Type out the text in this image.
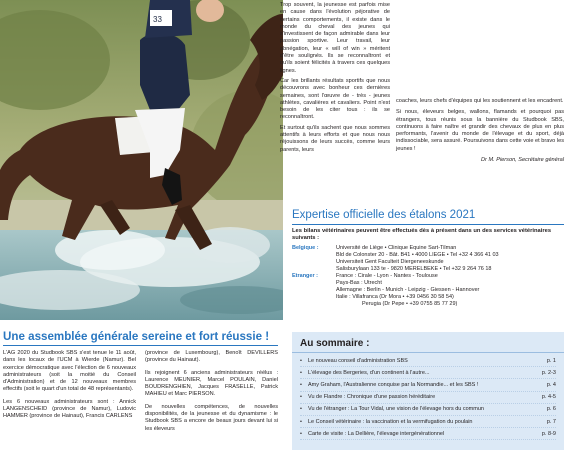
33

Trop souvent, la jeunesse est parfois mise en cause dans l'évolution péjorative de certains comportements, il existe dans le monde du cheval des jeunes qui s'investissent de façon admirable dans leur passion sportive. Leur travail, leur abnégation, leur « will of win » méritent d'être soulignés. Ils se reconnaîtront et qu'ils soient félicités à travers ces quelques lignes.

Car les brillants résultats sportifs que nous découvrons avec bonheur ces dernières semaines, sont l'œuvre de - très - jeunes athlètes, cavalières et cavaliers. Point n'est besoin de les citer tous : ils se reconnaîtront.

Et surtout qu'ils sachent que nous sommes attentifs à leurs efforts et que nous nous réjouissons de leurs succès, comme leurs parents, leurs

coaches, leurs chefs d'équipes qui les soutiennent et les encadrent.

Si nous, éleveurs belges, wallons, flamands et pourquoi pas étrangers, tous réunis sous la bannière du Studbook SBS, continuons à faire naître et grandir des chevaux de plus en plus performants, l'avenir du monde de l'élevage et du sport, déjà indissociable, sera assuré. Poursuivons dans cette voie et bravo les jeunes !

Dr M. Pierson, Secrétaire général

Expertise officielle des étalons 2021

Les bilans vétérinaires peuvent être effectués dès à présent dans un des services vétérinaires suivants :

Belgique :	Université de Liège • Clinique Equine Sart-Tilman
Bld de Colonster 20 - Bât. B41 • 4000 LIEGE • Tel +32 4 366 41 03
Universiteit Gent Faculteit Diergeneeskunde
Salisburylaan 133 te - 9820 MERELBEKE • Tel +32 9 264 76 18
Etranger :	France : Cirale - Lyon - Nantes - Toulouse
Pays-Bas : Utrecht
Allemagne : Berlin - Munich - Leipzig - Giessen - Hannover
Italie : Villafranca (Dr Mora • +39 0456 30 58 54)
Perugia (Dr Pepe • +39 0755 85 77 29)
Une assemblée générale sereine et fort réussie !

L'AG 2020 du Studbook SBS s'est tenue le 11 août, dans les locaux de l'UCM à Wierde (Namur). Bel exercice démocratique avec l'élection de 6 nouveaux administrateurs (soit la moitié du Conseil d'Administration) et de 12 nouveaux membres effectifs (soit le quart d'un total de 48 représentants).

Les 6 nouveaux administrateurs sont : Annick LANGENSCHEID (province de Namur), Ludovic HAMMER (province de Hainaut), Francis CARLENS

(province de Luxembourg), Benoît DEVILLERS (province du Hainaut).

Ils rejoignent 6 anciens administrateurs réélus : Laurence MEUNIER, Marcel POULAIN, Daniel BOUDRENGHIEN, Jacques FRASELLE, Patrick MAHIEU et Marc PIERSON.

De nouvelles compétences, de nouvelles disponibilités, de la jeunesse et du dynamisme : le Studbook SBS a encore de beaux jours devant lui si les éleveurs

Au sommaire :
•	Le nouveau conseil d'administration SBS	p. 1
•	L'élevage des Bergeries, d'un continent à l'autre...	p. 2-3
•	Amy Graham, l'Australienne conquise par la Normandie... et les SBS !	p. 4
•	Vu de Flandre : Chronique d'une passion héréditaire	p. 4-5
•	Vu de l'étranger : La Tour Vidal, une vision de l'élevage hors du commun	p. 6
•	Le Conseil vétérinaire : la vaccination et la vermifugation du poulain	p. 7
•	Carte de visite : La Dellière, l'élevage intergénérationnel	p. 8-9
